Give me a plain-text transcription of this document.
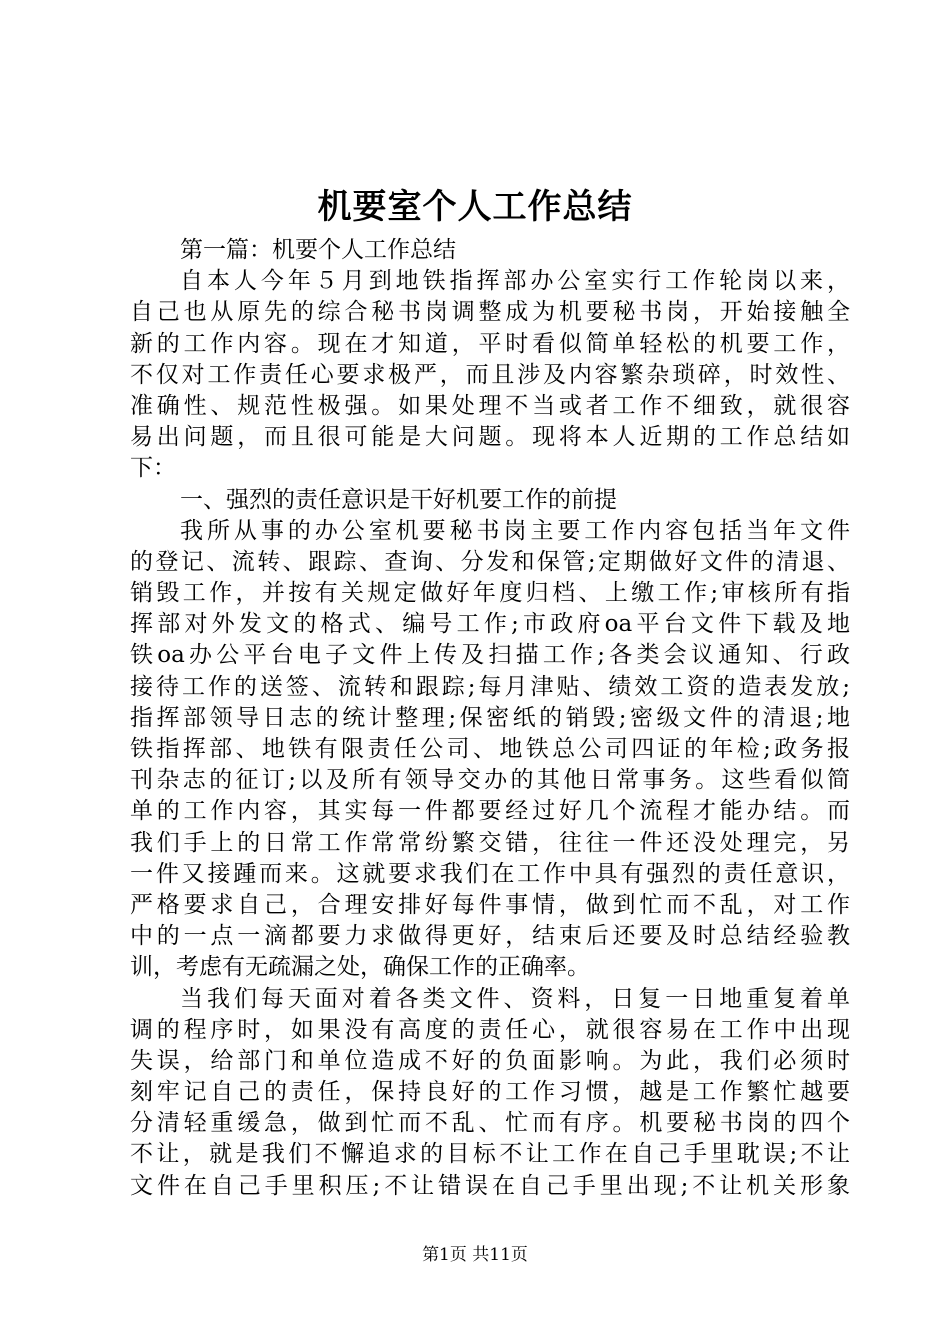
机要室个人工作总结
第一篇：机要个人工作总结
自本人今年５月到地铁指挥部办公室实行工作轮岗以来，
自己也从原先的综合秘书岗调整成为机要秘书岗，开始接触全
新的工作内容。现在才知道，平时看似简单轻松的机要工作，
不仅对工作责任心要求极严，而且涉及内容繁杂琐碎，时效性、
准确性、规范性极强。如果处理不当或者工作不细致，就很容
易出问题，而且很可能是大问题。现将本人近期的工作总结如
下：
一、强烈的责任意识是干好机要工作的前提
我所从事的办公室机要秘书岗主要工作内容包括当年文件
的登记、流转、跟踪、查询、分发和保管;定期做好文件的清退、
销毁工作，并按有关规定做好年度归档、上缴工作;审核所有指
挥部对外发文的格式、编号工作;市政府oa平台文件下载及地
铁oa办公平台电子文件上传及扫描工作;各类会议通知、行政
接待工作的送签、流转和跟踪;每月津贴、绩效工资的造表发放;
指挥部领导日志的统计整理;保密纸的销毁;密级文件的清退;地
铁指挥部、地铁有限责任公司、地铁总公司四证的年检;政务报
刊杂志的征订;以及所有领导交办的其他日常事务。这些看似简
单的工作内容，其实每一件都要经过好几个流程才能办结。而
我们手上的日常工作常常纷繁交错，往往一件还没处理完，另
一件又接踵而来。这就要求我们在工作中具有强烈的责任意识，
严格要求自己，合理安排好每件事情，做到忙而不乱，对工作
中的一点一滴都要力求做得更好，结束后还要及时总结经验教
训，考虑有无疏漏之处，确保工作的正确率。
当我们每天面对着各类文件、资料，日复一日地重复着单
调的程序时，如果没有高度的责任心，就很容易在工作中出现
失误，给部门和单位造成不好的负面影响。为此，我们必须时
刻牢记自己的责任，保持良好的工作习惯，越是工作繁忙越要
分清轻重缓急，做到忙而不乱、忙而有序。机要秘书岗的四个
不让，就是我们不懈追求的目标不让工作在自己手里耽误;不让
文件在自己手里积压;不让错误在自己手里出现;不让机关形象
第1页 共11页
